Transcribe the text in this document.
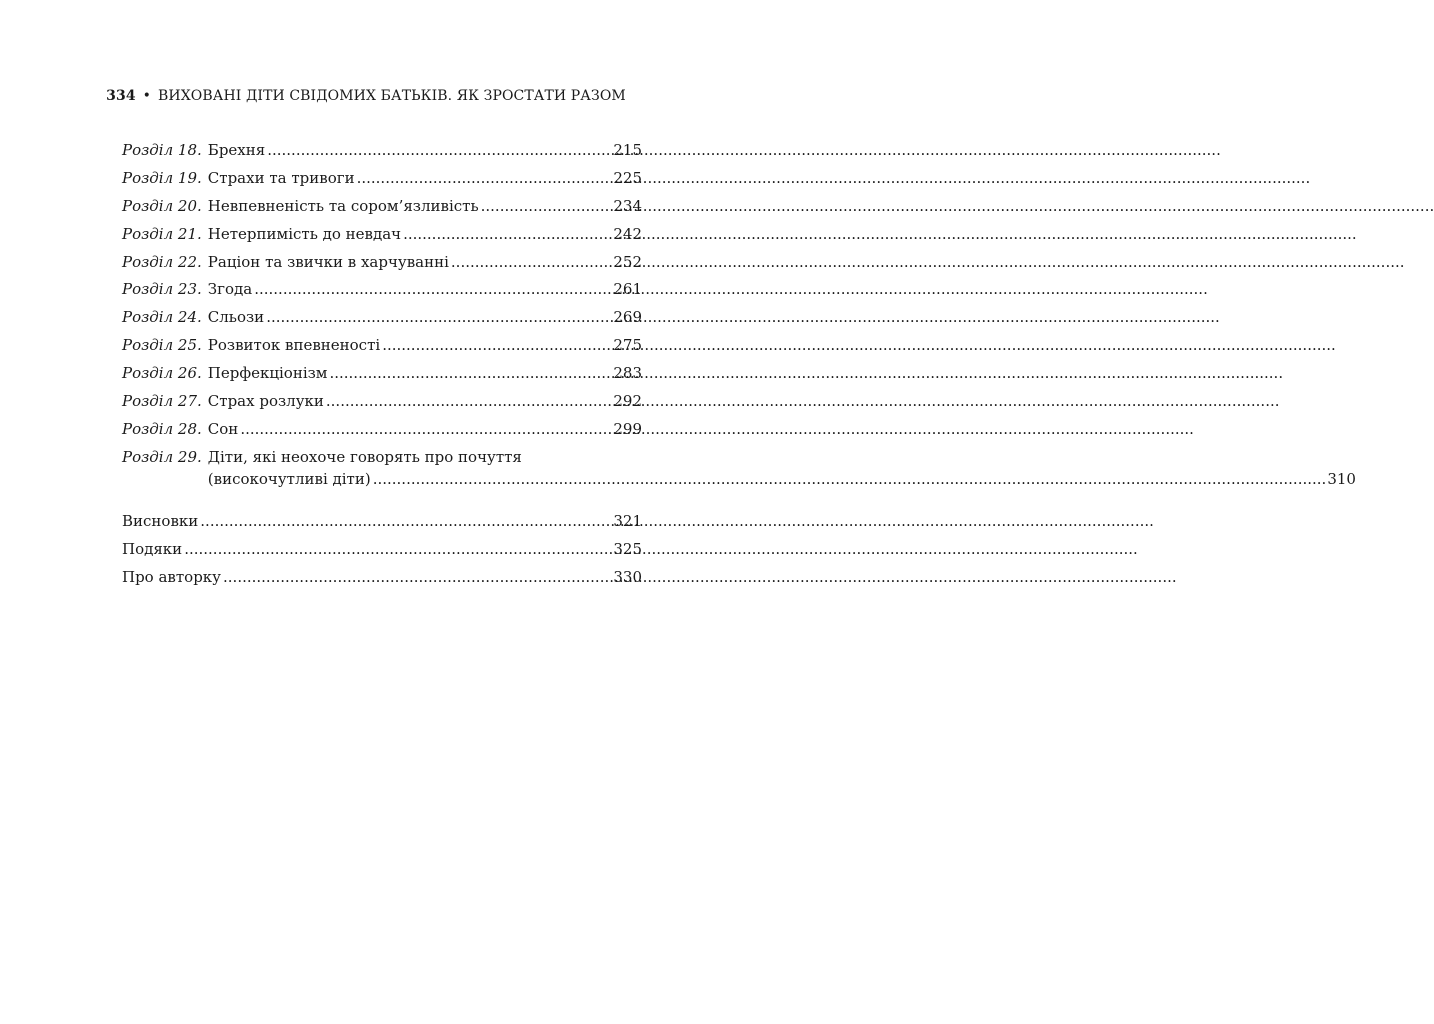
334 • ВИХОВАНІ ДІТИ СВІДОМИХ БАТЬКІВ. ЯК ЗРОСТАТИ РАЗОМ
Розділ 18. Брехня .....	215
Розділ 19. Страхи та тривоги .....	225
Розділ 20. Невпевненість та сором’язливість .....	234
Розділ 21. Нетерпимість до невдач .....	242
Розділ 22. Раціон та звички в харчуванні .....	252
Розділ 23. Згода .....	261
Розділ 24. Сльози .....	269
Розділ 25. Розвиток впевненості .....	275
Розділ 26. Перфекціонізм .....	283
Розділ 27. Страх розлуки .....	292
Розділ 28. Сон .....	299
Розділ 29. Діти, які неохоче говорять про почуття
(високочутливі діти) .....	310
Висновки .....	321
Подяки .....	325
Про авторку .....	330
